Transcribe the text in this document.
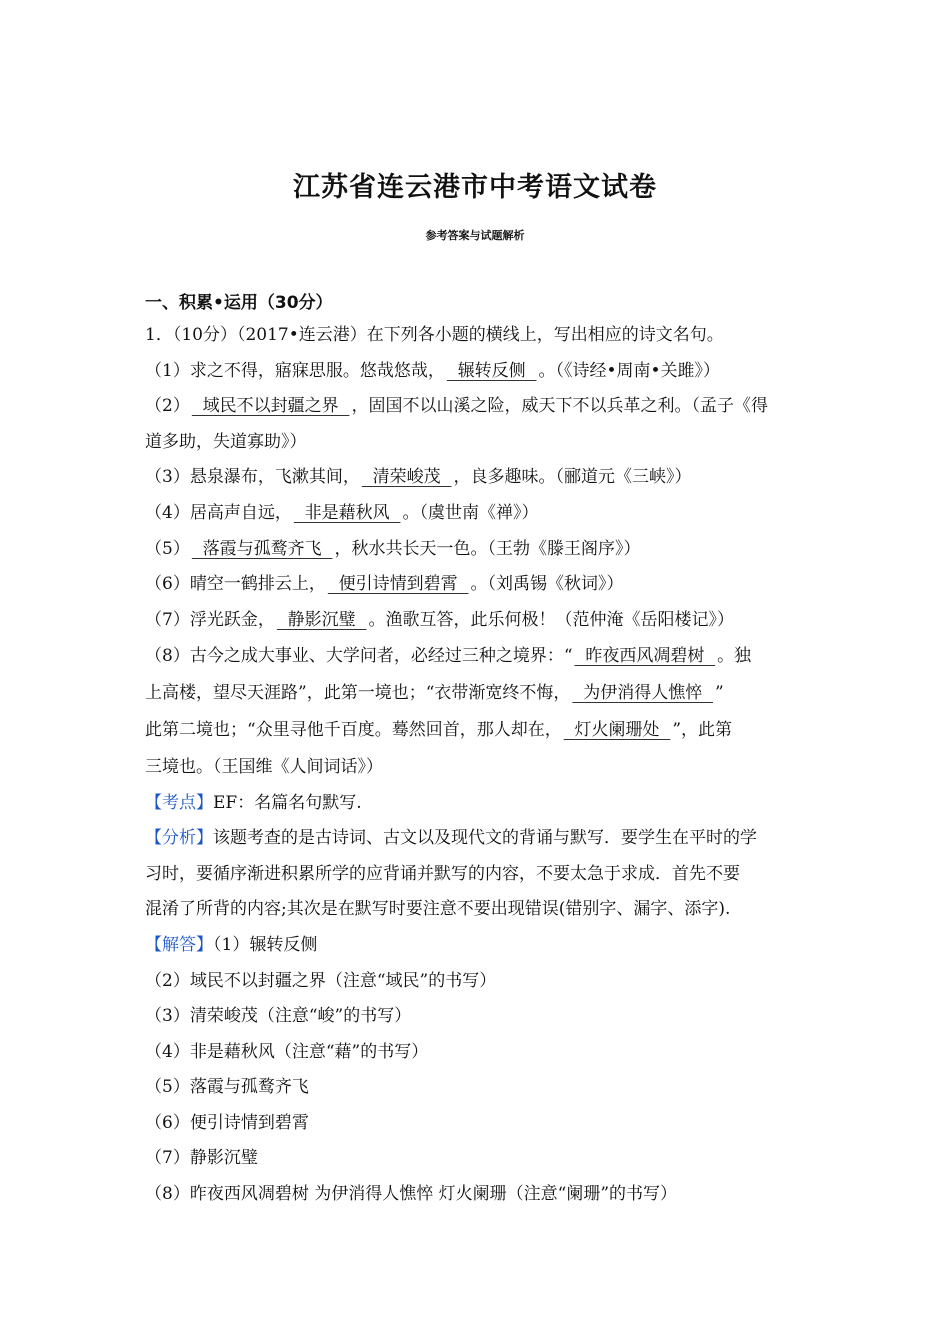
江苏省连云港市中考语文试卷
参考答案与试题解析
一、积累•运用（30分）
1．（10分）（2017•连云港）在下列各小题的横线上，写出相应的诗文名句。
（1）求之不得，寤寐思服。悠哉悠哉，  辗转反侧  。（《诗经•周南•关雎》）
（2）  域民不以封疆之界  ，固国不以山溪之险，威天下不以兵革之利。（孟子《得
道多助，失道寡助》）
（3）悬泉瀑布，飞漱其间，  清荣峻茂  ，良多趣味。（郦道元《三峡》）
（4）居高声自远，  非是藉秋风  。（虞世南《禅》）
（5）  落霞与孤鹜齐飞  ，秋水共长天一色。（王勃《滕王阁序》）
（6）晴空一鹤排云上，  便引诗情到碧霄  。（刘禹锡《秋词》）
（7）浮光跃金，  静影沉璧  。渔歌互答，此乐何极！（范仲淹《岳阳楼记》）
（8）古今之成大事业、大学问者，必经过三种之境界：“  昨夜西风凋碧树  。独
上高楼，望尽天涯路”，此第一境也；“衣带渐宽终不悔，  为伊消得人憔悴  ”
此第二境也；“众里寻他千百度。蓦然回首，那人却在，  灯火阑珊处  ”，此第
三境也。（王国维《人间词话》）
【考点】EF：名篇名句默写.
【分析】该题考查的是古诗词、古文以及现代文的背诵与默写．要学生在平时的学
习时，要循序渐进积累所学的应背诵并默写的内容，不要太急于求成．首先不要
混淆了所背的内容;其次是在默写时要注意不要出现错误(错别字、漏字、添字).
【解答】（1）辗转反侧
（2）域民不以封疆之界（注意“域民”的书写）
（3）清荣峻茂（注意“峻”的书写）
（4）非是藉秋风（注意“藉”的书写）
（5）落霞与孤鹜齐飞
（6）便引诗情到碧霄
（7）静影沉璧
（8）昨夜西风凋碧树 为伊消得人憔悴 灯火阑珊（注意“阑珊”的书写）
